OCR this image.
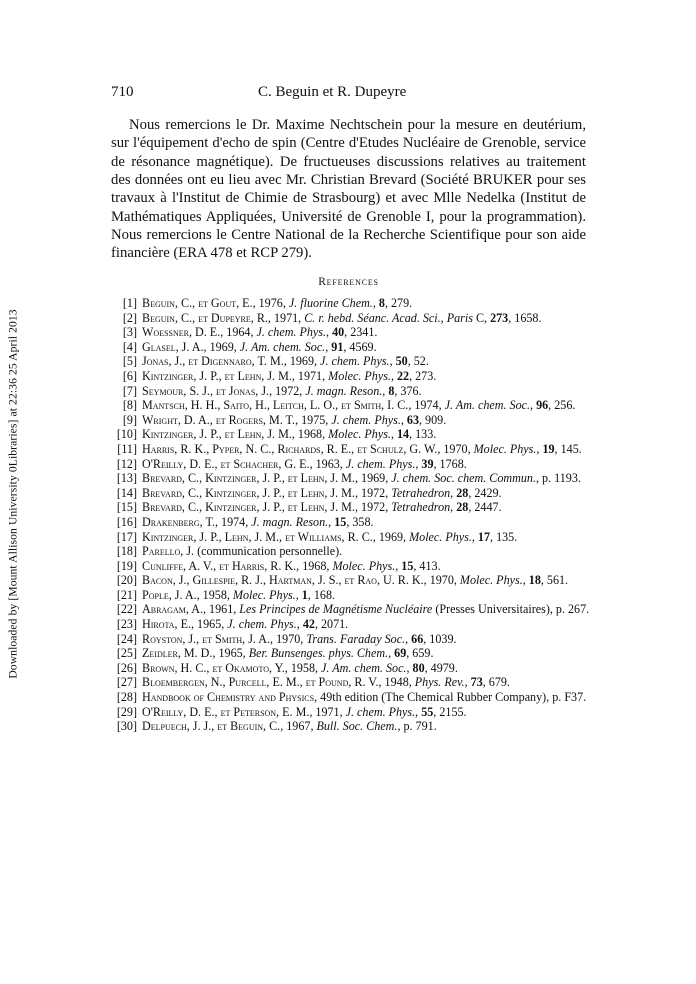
Downloaded by [Mount Allison University 0Libraries] at 22:36 25 April 2013
710	C. Beguin et R. Dupeyre

Nous remercions le Dr. Maxime Nechtschein pour la mesure en deutérium, sur l'équipement d'echo de spin (Centre d'Etudes Nucléaire de Grenoble, service de résonance magnétique). De fructueuses discussions relatives au traitement des données ont eu lieu avec Mr. Christian Brevard (Société BRUKER pour ses travaux à l'Institut de Chimie de Strasbourg) et avec Mlle Nedelka (Institut de Mathématiques Appliquées, Université de Grenoble I, pour la programmation). Nous remercions le Centre National de la Recherche Scientifique pour son aide financière (ERA 478 et RCP 279).

References
[1] Beguin, C., et Gout, E., 1976, J. fluorine Chem., 8, 279.
[2] Beguin, C., et Dupeyre, R., 1971, C. r. hebd. Séanc. Acad. Sci., Paris C, 273, 1658.
[3] Woessner, D. E., 1964, J. chem. Phys., 40, 2341.
[4] Glasel, J. A., 1969, J. Am. chem. Soc., 91, 4569.
[5] Jonas, J., et Digennaro, T. M., 1969, J. chem. Phys., 50, 52.
[6] Kintzinger, J. P., et Lehn, J. M., 1971, Molec. Phys., 22, 273.
[7] Seymour, S. J., et Jonas, J., 1972, J. magn. Reson., 8, 376.
[8] Mantsch, H. H., Saito, H., Leitch, L. O., et Smith, I. C., 1974, J. Am. chem. Soc., 96, 256.
[9] Wright, D. A., et Rogers, M. T., 1975, J. chem. Phys., 63, 909.
[10] Kintzinger, J. P., et Lehn, J. M., 1968, Molec. Phys., 14, 133.
[11] Harris, R. K., Pyper, N. C., Richards, R. E., et Schulz, G. W., 1970, Molec. Phys., 19, 145.
[12] O'Reilly, D. E., et Schacher, G. E., 1963, J. chem. Phys., 39, 1768.
[13] Brevard, C., Kintzinger, J. P., et Lehn, J. M., 1969, J. chem. Soc. chem. Commun., p. 1193.
[14] Brevard, C., Kintzinger, J. P., et Lehn, J. M., 1972, Tetrahedron, 28, 2429.
[15] Brevard, C., Kintzinger, J. P., et Lehn, J. M., 1972, Tetrahedron, 28, 2447.
[16] Drakenberg, T., 1974, J. magn. Reson., 15, 358.
[17] Kintzinger, J. P., Lehn, J. M., et Williams, R. C., 1969, Molec. Phys., 17, 135.
[18] Parello, J. (communication personnelle).
[19] Cunliffe, A. V., et Harris, R. K., 1968, Molec. Phys., 15, 413.
[20] Bacon, J., Gillespie, R. J., Hartman, J. S., et Rao, U. R. K., 1970, Molec. Phys., 18, 561.
[21] Pople, J. A., 1958, Molec. Phys., 1, 168.
[22] Abragam, A., 1961, Les Principes de Magnétisme Nucléaire (Presses Universitaires), p. 267.
[23] Hirota, E., 1965, J. chem. Phys., 42, 2071.
[24] Royston, J., et Smith, J. A., 1970, Trans. Faraday Soc., 66, 1039.
[25] Zeidler, M. D., 1965, Ber. Bunsenges. phys. Chem., 69, 659.
[26] Brown, H. C., et Okamoto, Y., 1958, J. Am. chem. Soc., 80, 4979.
[27] Bloembergen, N., Purcell, E. M., et Pound, R. V., 1948, Phys. Rev., 73, 679.
[28] Handbook of Chemistry and Physics, 49th edition (The Chemical Rubber Company), p. F37.
[29] O'Reilly, D. E., et Peterson, E. M., 1971, J. chem. Phys., 55, 2155.
[30] Delpuech, J. J., et Beguin, C., 1967, Bull. Soc. Chem., p. 791.
